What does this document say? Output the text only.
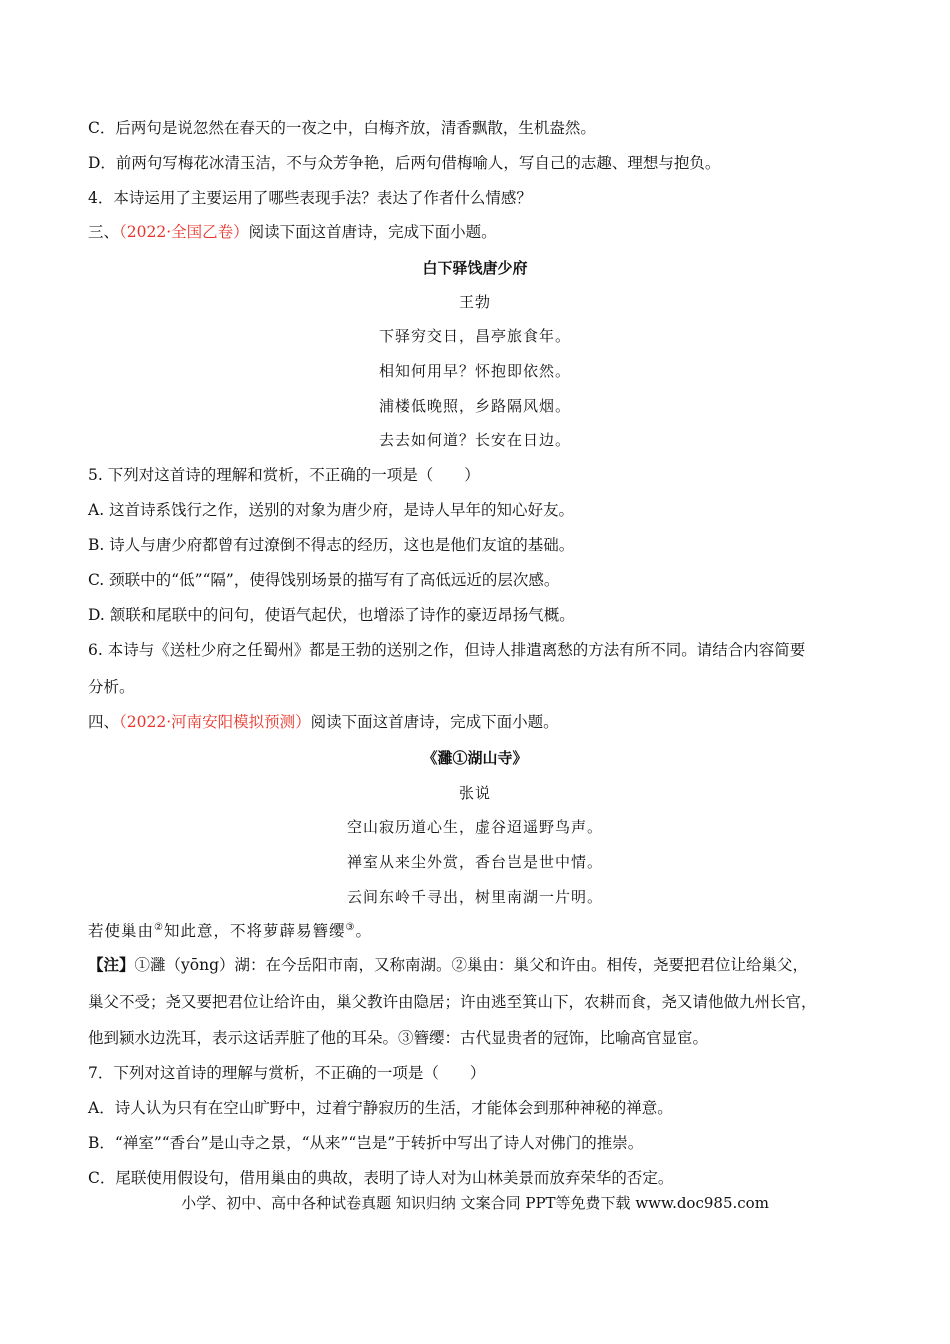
C．后两句是说忽然在春天的一夜之中，白梅齐放，清香飘散，生机盎然。
D．前两句写梅花冰清玉洁，不与众芳争艳，后两句借梅喻人，写自己的志趣、理想与抱负。
4．本诗运用了主要运用了哪些表现手法？表达了作者什么情感？
三、（2022·全国乙卷）阅读下面这首唐诗，完成下面小题。
白下驿饯唐少府
王勃
下驿穷交日，昌亭旅食年。
相知何用早？怀抱即依然。
浦楼低晚照，乡路隔风烟。
去去如何道？长安在日边。
5. 下列对这首诗的理解和赏析，不正确的一项是（　　）
A. 这首诗系饯行之作，送别的对象为唐少府，是诗人早年的知心好友。
B. 诗人与唐少府都曾有过潦倒不得志的经历，这也是他们友谊的基础。
C. 颈联中的“低”“隔”，使得饯别场景的描写有了高低远近的层次感。
D. 颔联和尾联中的问句，使语气起伏，也增添了诗作的豪迈昂扬气概。
6. 本诗与《送杜少府之任蜀州》都是王勃的送别之作，但诗人排遣离愁的方法有所不同。请结合内容简要
分析。
四、（2022·河南安阳模拟预测）阅读下面这首唐诗，完成下面小题。
《灉①湖山寺》
张说
空山寂历道心生，虚谷迢遥野鸟声。
禅室从来尘外赏，香台岂是世中情。
云间东岭千寻出，树里南湖一片明。
若使巢由②知此意，不将萝薜易簪缨③。
【注】①灉（yōng）湖：在今岳阳市南，又称南湖。②巢由：巢父和许由。相传，尧要把君位让给巢父，
巢父不受；尧又要把君位让给许由，巢父教许由隐居；许由逃至箕山下，农耕而食，尧又请他做九州长官，
他到颍水边洗耳，表示这话弄脏了他的耳朵。③簪缨：古代显贵者的冠饰，比喻高官显宦。
7．下列对这首诗的理解与赏析，不正确的一项是（　　）
A．诗人认为只有在空山旷野中，过着宁静寂历的生活，才能体会到那种神秘的禅意。
B．“禅室”“香台”是山寺之景，“从来”“岂是”于转折中写出了诗人对佛门的推崇。
C．尾联使用假设句，借用巢由的典故，表明了诗人对为山林美景而放弃荣华的否定。
小学、初中、高中各种试卷真题 知识归纳 文案合同 PPT等免费下载 www.doc985.com
